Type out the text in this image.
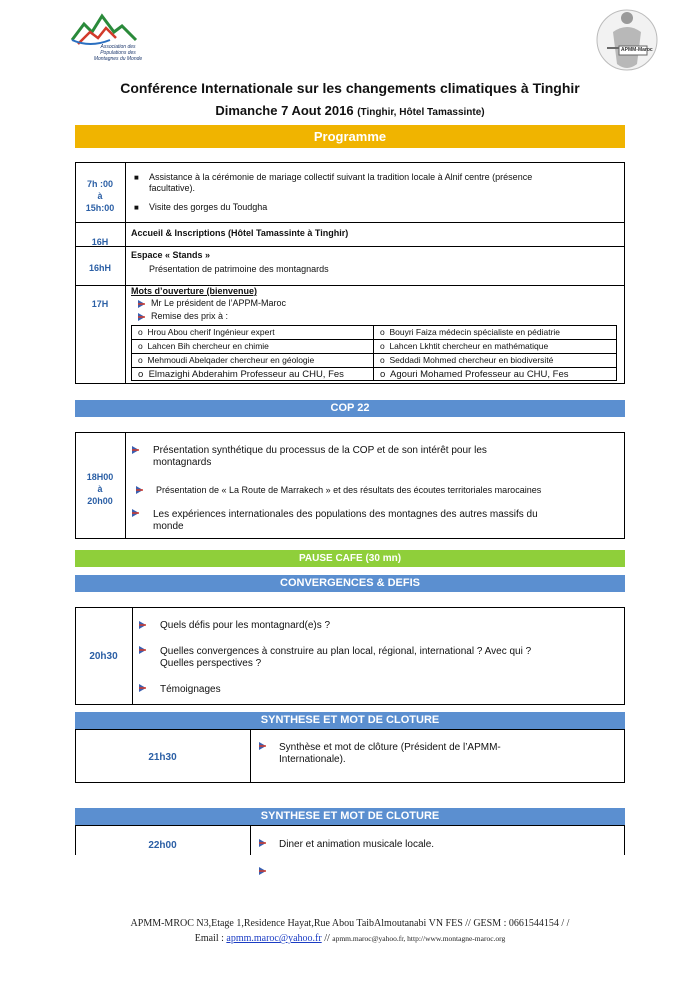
Association des Populations des Montagnes du Monde
APMM-Maroc
Conférence Internationale sur les changements climatiques à Tinghir
Dimanche 7 Aout 2016 (Tinghir, Hôtel Tamassinte)
Programme
7h :00
à
15h:00
■ Assistance à la cérémonie de mariage collectif suivant la tradition locale à Alnif centre (présence
facultative).
■ Visite des gorges du Toudgha
16H
Accueil & Inscriptions (Hôtel Tamassinte à Tinghir)
16hH
Espace « Stands »
Présentation de patrimoine des montagnards
17H
Mots d’ouverture (bienvenue)
Mr Le président de l’APPM-Maroc
Remise des prix à :
o  Hrou Abou cherif Ingénieur expert
o  Lahcen Bih chercheur en chimie
o  Mehmoudi Abelqader chercheur en géologie
o  Elmazighi Abderahim Professeur au CHU, Fes
o  Bouyri Faiza médecin spécialiste en pédiatrie
o  Lahcen Lkhtit chercheur en mathématique
o  Seddadi Mohmed chercheur en biodiversité
o  Agouri Mohamed Professeur au CHU, Fes
COP 22
18H00
à
20h00
Présentation synthétique du processus de la COP et de son intérêt pour les
montagnards
Présentation de « La Route de Marrakech » et des résultats des écoutes territoriales marocaines
Les expériences internationales des populations des montagnes des autres massifs du
monde
PAUSE CAFE (30 mn)
CONVERGENCES & DEFIS
20h30
Quels défis pour les montagnard(e)s ?
Quelles convergences à construire au plan local, régional, international ? Avec qui ?
Quelles perspectives ?
Témoignages
SYNTHESE ET MOT DE CLOTURE
21h30
Synthèse et mot de clôture (Président de l’APMM-
Internationale).
SYNTHESE ET MOT DE CLOTURE
22h00	Diner et animation musicale locale.
APMM-MROC N3,Etage 1,Residence Hayat,Rue Abou TaibAlmoutanabi VN FES // GESM : 0661544154 / /
Email : apmm.maroc@yahoo.fr // apmm.maroc@yahoo.fr, http://www.montagne-maroc.org
